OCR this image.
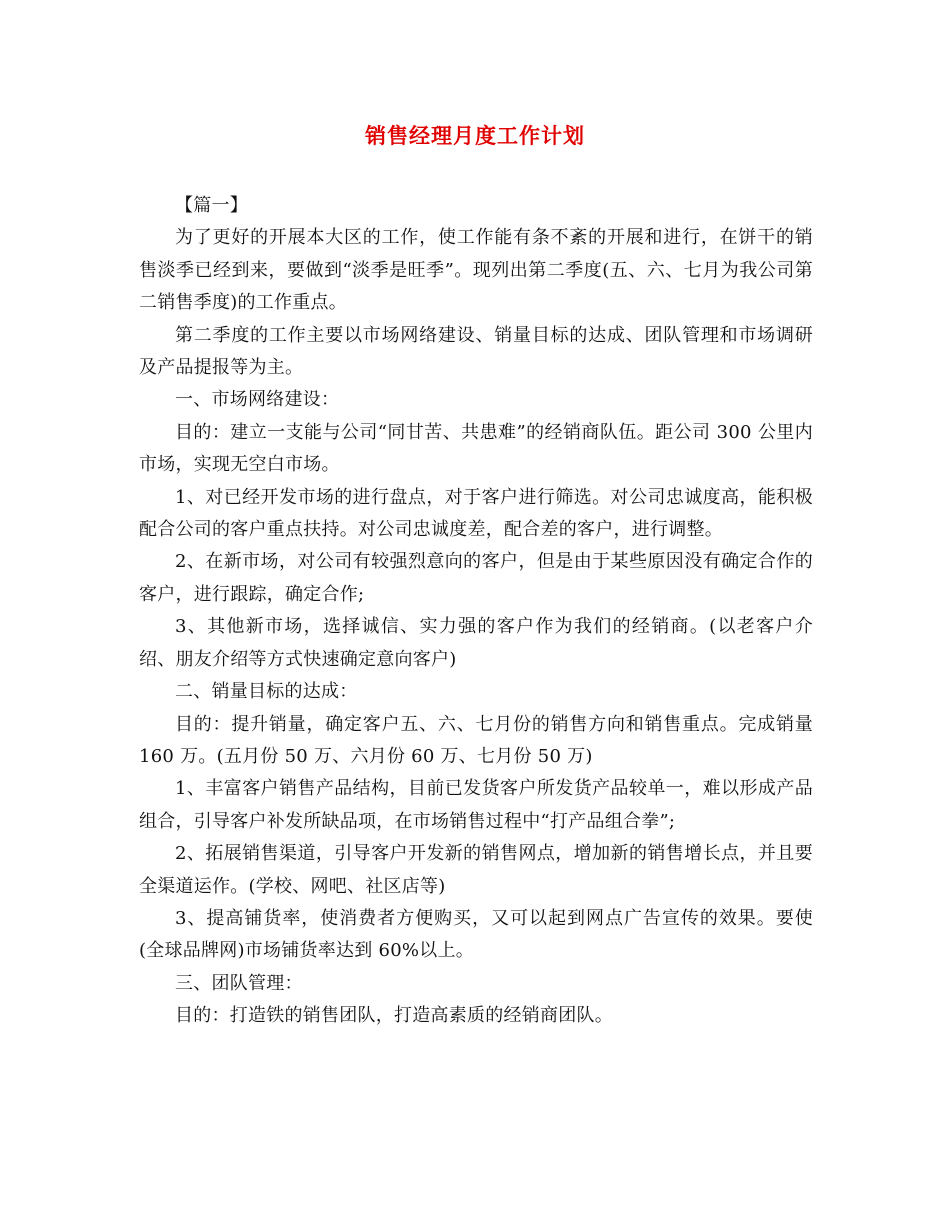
销售经理月度工作计划

【篇一】

为了更好的开展本大区的工作，使工作能有条不紊的开展和进行，在饼干的销售淡季已经到来，要做到“淡季是旺季”。现列出第二季度(五、六、七月为我公司第二销售季度)的工作重点。

第二季度的工作主要以市场网络建设、销量目标的达成、团队管理和市场调研及产品提报等为主。

一、市场网络建设：

目的：建立一支能与公司“同甘苦、共患难”的经销商队伍。距公司 300 公里内市场，实现无空白市场。

1、对已经开发市场的进行盘点，对于客户进行筛选。对公司忠诚度高，能积极配合公司的客户重点扶持。对公司忠诚度差，配合差的客户，进行调整。

2、在新市场，对公司有较强烈意向的客户，但是由于某些原因没有确定合作的客户，进行跟踪，确定合作;

3、其他新市场，选择诚信、实力强的客户作为我们的经销商。(以老客户介绍、朋友介绍等方式快速确定意向客户)

二、销量目标的达成：

目的：提升销量，确定客户五、六、七月份的销售方向和销售重点。完成销量160 万。(五月份 50 万、六月份 60 万、七月份 50 万)

1、丰富客户销售产品结构，目前已发货客户所发货产品较单一，难以形成产品组合，引导客户补发所缺品项，在市场销售过程中“打产品组合拳”;

2、拓展销售渠道，引导客户开发新的销售网点，增加新的销售增长点，并且要全渠道运作。(学校、网吧、社区店等)

3、提高铺货率，使消费者方便购买，又可以起到网点广告宣传的效果。要使(全球品牌网)市场铺货率达到 60%以上。

三、团队管理：

目的：打造铁的销售团队，打造高素质的经销商团队。
